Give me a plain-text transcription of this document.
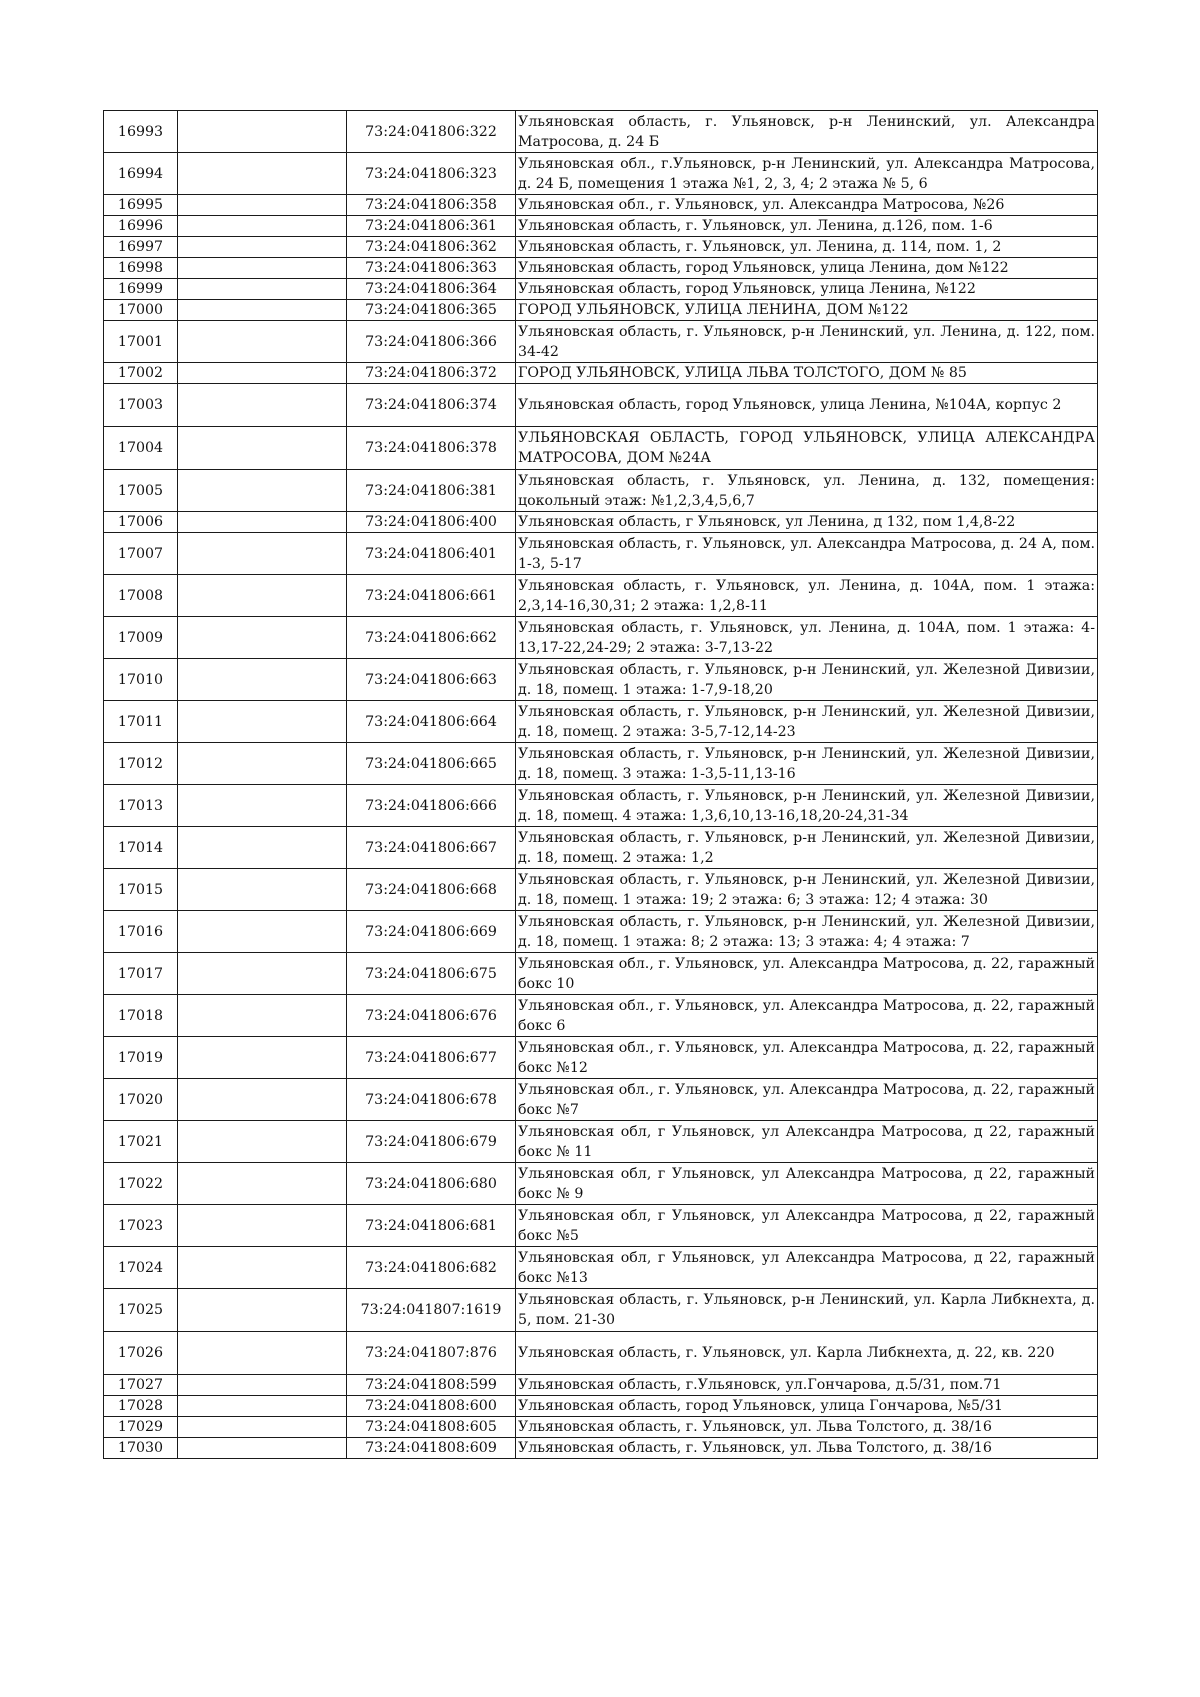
16993		73:24:041806:322	Ульяновская область, г. Ульяновск, р-н Ленинский, ул. Александра Матросова, д. 24 Б
16994		73:24:041806:323	Ульяновская обл., г.Ульяновск, р-н Ленинский, ул. Александра Матросова, д. 24 Б, помещения 1 этажа №1, 2, 3, 4; 2 этажа № 5, 6
16995		73:24:041806:358	Ульяновская обл., г. Ульяновск, ул. Александра Матросова, №26
16996		73:24:041806:361	Ульяновская область, г. Ульяновск, ул. Ленина, д.126, пом. 1-6
16997		73:24:041806:362	Ульяновская область, г. Ульяновск, ул. Ленина, д. 114, пом. 1, 2
16998		73:24:041806:363	Ульяновская область, город Ульяновск, улица Ленина, дом №122
16999		73:24:041806:364	Ульяновская область, город Ульяновск, улица Ленина, №122
17000		73:24:041806:365	ГОРОД УЛЬЯНОВСК, УЛИЦА ЛЕНИНА, ДОМ №122
17001		73:24:041806:366	Ульяновская область, г. Ульяновск, р-н Ленинский, ул. Ленина, д. 122, пом. 34-42
17002		73:24:041806:372	ГОРОД УЛЬЯНОВСК, УЛИЦА ЛЬВА ТОЛСТОГО, ДОМ № 85
17003		73:24:041806:374	Ульяновская область, город Ульяновск, улица Ленина, №104А, корпус 2
17004		73:24:041806:378	УЛЬЯНОВСКАЯ ОБЛАСТЬ, ГОРОД УЛЬЯНОВСК, УЛИЦА АЛЕКСАНДРА МАТРОСОВА, ДОМ №24А
17005		73:24:041806:381	Ульяновская область, г. Ульяновск, ул. Ленина, д. 132, помещения: цокольный этаж: №1,2,3,4,5,6,7
17006		73:24:041806:400	Ульяновская область, г Ульяновск, ул Ленина, д 132, пом 1,4,8-22
17007		73:24:041806:401	Ульяновская область, г. Ульяновск, ул. Александра Матросова, д. 24 А, пом. 1-3, 5-17
17008		73:24:041806:661	Ульяновская область, г. Ульяновск, ул. Ленина, д. 104А, пом. 1 этажа: 2,3,14-16,30,31; 2 этажа: 1,2,8-11
17009		73:24:041806:662	Ульяновская область, г. Ульяновск, ул. Ленина, д. 104А, пом. 1 этажа: 4-13,17-22,24-29; 2 этажа: 3-7,13-22
17010		73:24:041806:663	Ульяновская область, г. Ульяновск, р-н Ленинский, ул. Железной Дивизии, д. 18, помещ. 1 этажа: 1-7,9-18,20
17011		73:24:041806:664	Ульяновская область, г. Ульяновск, р-н Ленинский, ул. Железной Дивизии, д. 18, помещ. 2 этажа: 3-5,7-12,14-23
17012		73:24:041806:665	Ульяновская область, г. Ульяновск, р-н Ленинский, ул. Железной Дивизии, д. 18, помещ. 3 этажа: 1-3,5-11,13-16
17013		73:24:041806:666	Ульяновская область, г. Ульяновск, р-н Ленинский, ул. Железной Дивизии, д. 18, помещ. 4 этажа: 1,3,6,10,13-16,18,20-24,31-34
17014		73:24:041806:667	Ульяновская область, г. Ульяновск, р-н Ленинский, ул. Железной Дивизии, д. 18, помещ. 2 этажа: 1,2
17015		73:24:041806:668	Ульяновская область, г. Ульяновск, р-н Ленинский, ул. Железной Дивизии, д. 18, помещ. 1 этажа: 19; 2 этажа: 6; 3 этажа: 12; 4 этажа: 30
17016		73:24:041806:669	Ульяновская область, г. Ульяновск, р-н Ленинский, ул. Железной Дивизии, д. 18, помещ. 1 этажа: 8; 2 этажа: 13; 3 этажа: 4; 4 этажа: 7
17017		73:24:041806:675	Ульяновская обл., г. Ульяновск, ул. Александра Матросова, д. 22, гаражный бокс 10
17018		73:24:041806:676	Ульяновская обл., г. Ульяновск, ул. Александра Матросова, д. 22, гаражный бокс 6
17019		73:24:041806:677	Ульяновская обл., г. Ульяновск, ул. Александра Матросова, д. 22, гаражный бокс №12
17020		73:24:041806:678	Ульяновская обл., г. Ульяновск, ул. Александра Матросова, д. 22, гаражный бокс №7
17021		73:24:041806:679	Ульяновская обл, г Ульяновск, ул Александра Матросова, д 22, гаражный бокс № 11
17022		73:24:041806:680	Ульяновская обл, г Ульяновск, ул Александра Матросова, д 22, гаражный бокс № 9
17023		73:24:041806:681	Ульяновская обл, г Ульяновск, ул Александра Матросова, д 22, гаражный бокс №5
17024		73:24:041806:682	Ульяновская обл, г Ульяновск, ул Александра Матросова, д 22, гаражный бокс №13
17025		73:24:041807:1619	Ульяновская область, г. Ульяновск, р-н Ленинский, ул. Карла Либкнехта, д. 5, пом. 21-30
17026		73:24:041807:876	Ульяновская область, г. Ульяновск, ул. Карла Либкнехта, д. 22, кв. 220
17027		73:24:041808:599	Ульяновская область, г.Ульяновск, ул.Гончарова, д.5/31, пом.71
17028		73:24:041808:600	Ульяновская область, город Ульяновск, улица Гончарова, №5/31
17029		73:24:041808:605	Ульяновская область, г. Ульяновск, ул. Льва Толстого, д. 38/16
17030		73:24:041808:609	Ульяновская область, г. Ульяновск, ул. Льва Толстого, д. 38/16
